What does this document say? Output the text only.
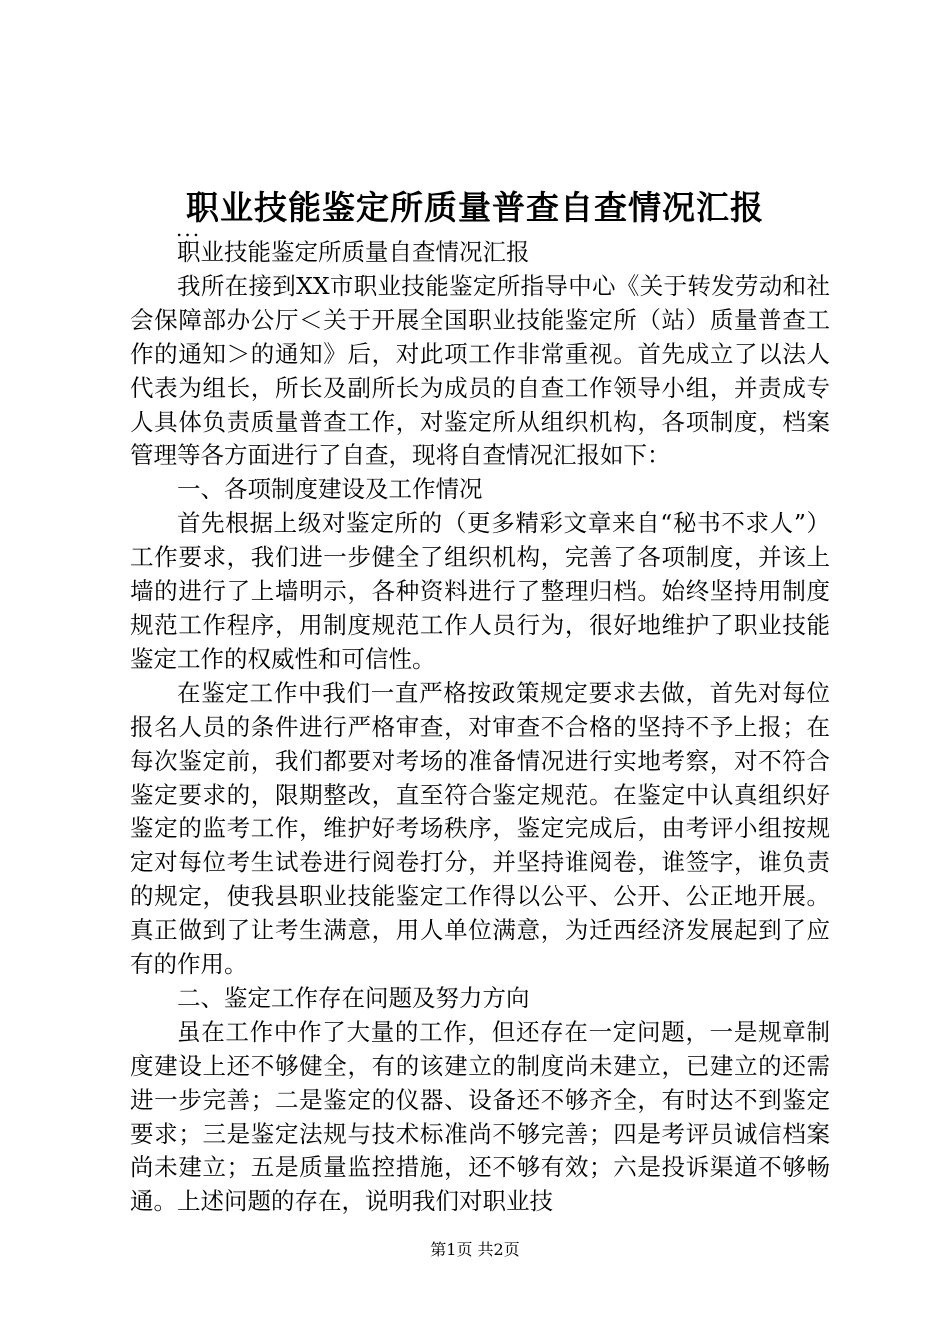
职业技能鉴定所质量普查自查情况汇报
...

职业技能鉴定所质量自查情况汇报

我所在接到XX市职业技能鉴定所指导中心《关于转发劳动和社会保障部办公厅＜关于开展全国职业技能鉴定所（站）质量普查工作的通知＞的通知》后，对此项工作非常重视。首先成立了以法人代表为组长，所长及副所长为成员的自查工作领导小组，并责成专人具体负责质量普查工作，对鉴定所从组织机构，各项制度，档案管理等各方面进行了自查，现将自查情况汇报如下：

一、各项制度建设及工作情况

首先根据上级对鉴定所的（更多精彩文章来自“秘书不求人”）工作要求，我们进一步健全了组织机构，完善了各项制度，并该上墙的进行了上墙明示，各种资料进行了整理归档。始终坚持用制度规范工作程序，用制度规范工作人员行为，很好地维护了职业技能鉴定工作的权威性和可信性。

在鉴定工作中我们一直严格按政策规定要求去做，首先对每位报名人员的条件进行严格审查，对审查不合格的坚持不予上报；在每次鉴定前，我们都要对考场的准备情况进行实地考察，对不符合鉴定要求的，限期整改，直至符合鉴定规范。在鉴定中认真组织好鉴定的监考工作，维护好考场秩序，鉴定完成后，由考评小组按规定对每位考生试卷进行阅卷打分，并坚持谁阅卷，谁签字，谁负责的规定，使我县职业技能鉴定工作得以公平、公开、公正地开展。真正做到了让考生满意，用人单位满意，为迁西经济发展起到了应有的作用。

二、鉴定工作存在问题及努力方向

虽在工作中作了大量的工作，但还存在一定问题，一是规章制度建设上还不够健全，有的该建立的制度尚未建立，已建立的还需进一步完善；二是鉴定的仪器、设备还不够齐全，有时达不到鉴定要求；三是鉴定法规与技术标准尚不够完善；四是考评员诚信档案尚未建立；五是质量监控措施，还不够有效；六是投诉渠道不够畅通。上述问题的存在，说明我们对职业技

第1页 共2页
